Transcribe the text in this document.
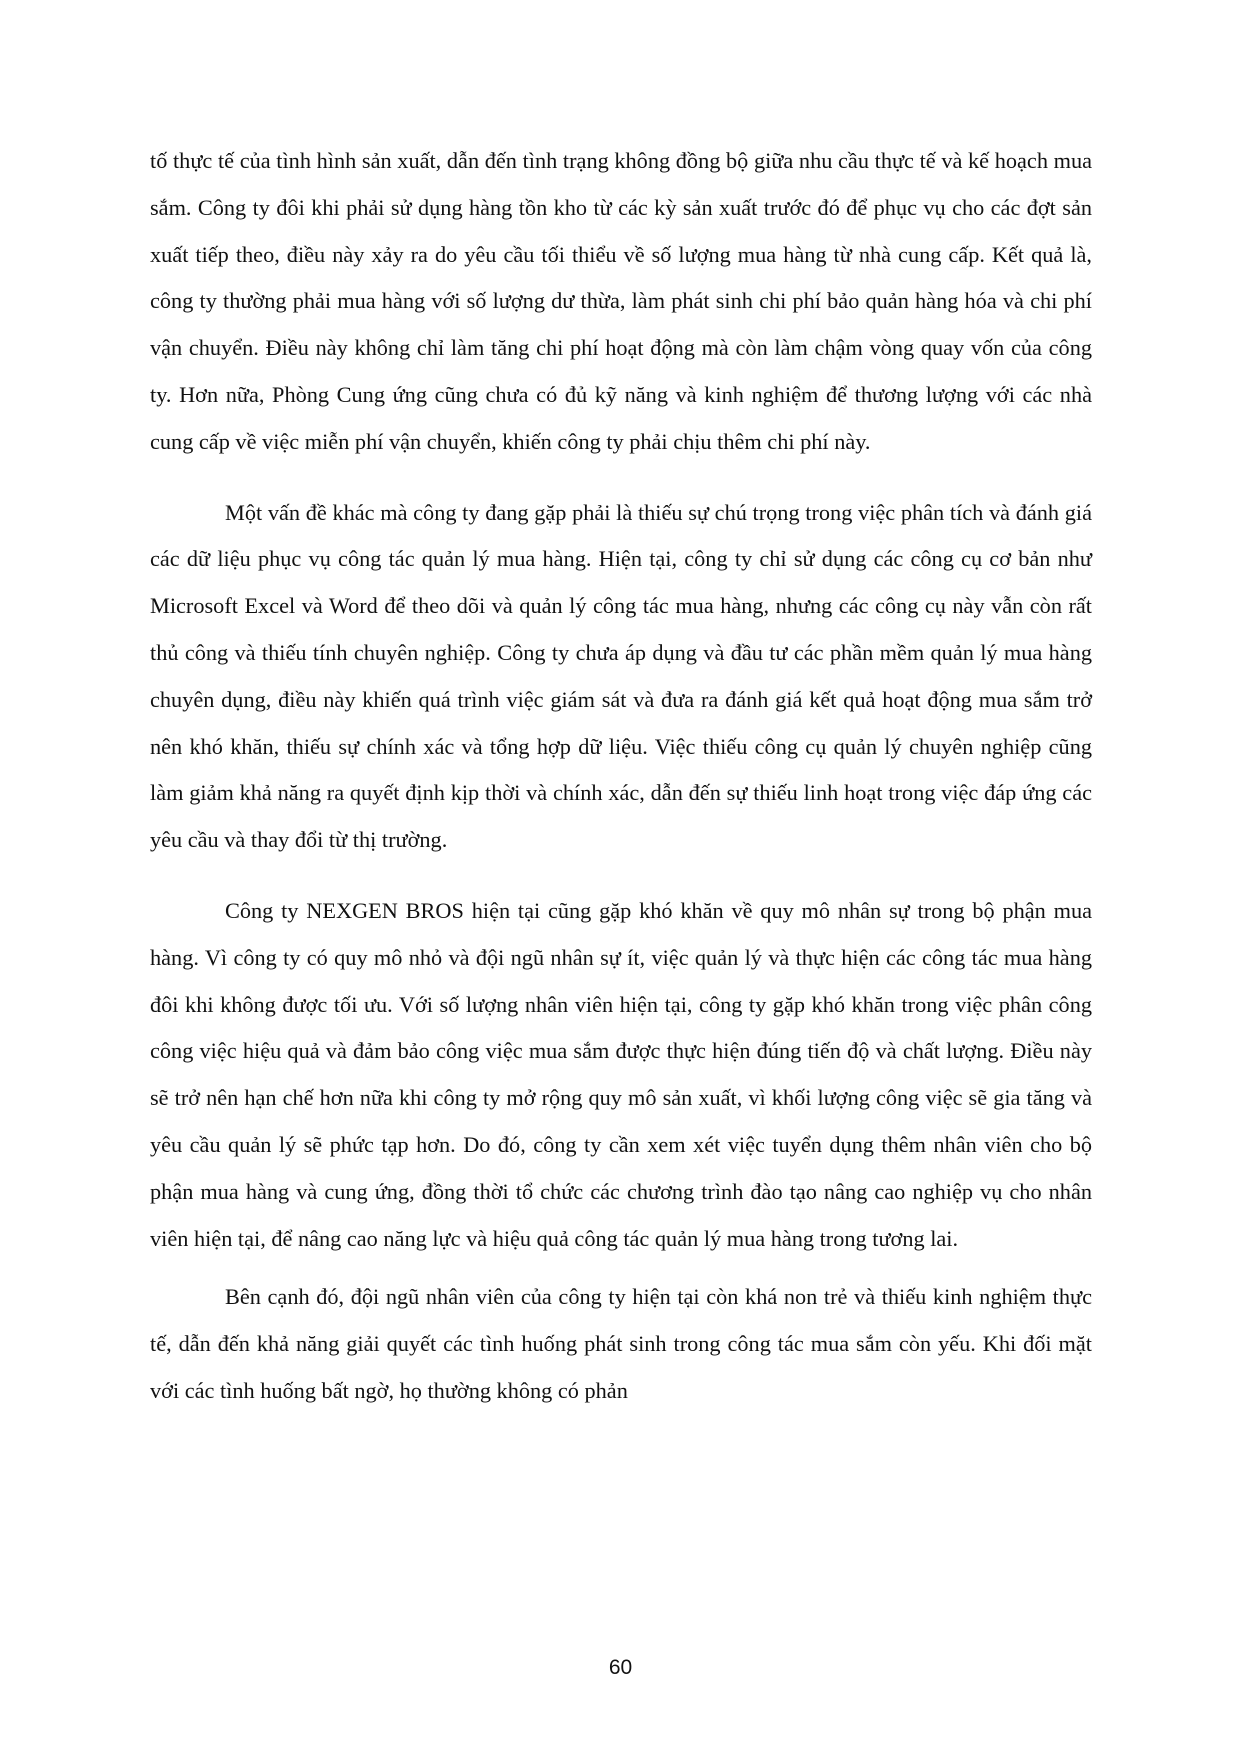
tố thực tế của tình hình sản xuất, dẫn đến tình trạng không đồng bộ giữa nhu cầu thực tế và kế hoạch mua sắm. Công ty đôi khi phải sử dụng hàng tồn kho từ các kỳ sản xuất trước đó để phục vụ cho các đợt sản xuất tiếp theo, điều này xảy ra do yêu cầu tối thiểu về số lượng mua hàng từ nhà cung cấp. Kết quả là, công ty thường phải mua hàng với số lượng dư thừa, làm phát sinh chi phí bảo quản hàng hóa và chi phí vận chuyển. Điều này không chỉ làm tăng chi phí hoạt động mà còn làm chậm vòng quay vốn của công ty. Hơn nữa, Phòng Cung ứng cũng chưa có đủ kỹ năng và kinh nghiệm để thương lượng với các nhà cung cấp về việc miễn phí vận chuyển, khiến công ty phải chịu thêm chi phí này.

Một vấn đề khác mà công ty đang gặp phải là thiếu sự chú trọng trong việc phân tích và đánh giá các dữ liệu phục vụ công tác quản lý mua hàng. Hiện tại, công ty chỉ sử dụng các công cụ cơ bản như Microsoft Excel và Word để theo dõi và quản lý công tác mua hàng, nhưng các công cụ này vẫn còn rất thủ công và thiếu tính chuyên nghiệp. Công ty chưa áp dụng và đầu tư các phần mềm quản lý mua hàng chuyên dụng, điều này khiến quá trình việc giám sát và đưa ra đánh giá kết quả hoạt động mua sắm trở nên khó khăn, thiếu sự chính xác và tổng hợp dữ liệu. Việc thiếu công cụ quản lý chuyên nghiệp cũng làm giảm khả năng ra quyết định kịp thời và chính xác, dẫn đến sự thiếu linh hoạt trong việc đáp ứng các yêu cầu và thay đổi từ thị trường.

Công ty NEXGEN BROS hiện tại cũng gặp khó khăn về quy mô nhân sự trong bộ phận mua hàng. Vì công ty có quy mô nhỏ và đội ngũ nhân sự ít, việc quản lý và thực hiện các công tác mua hàng đôi khi không được tối ưu. Với số lượng nhân viên hiện tại, công ty gặp khó khăn trong việc phân công công việc hiệu quả và đảm bảo công việc mua sắm được thực hiện đúng tiến độ và chất lượng. Điều này sẽ trở nên hạn chế hơn nữa khi công ty mở rộng quy mô sản xuất, vì khối lượng công việc sẽ gia tăng và yêu cầu quản lý sẽ phức tạp hơn. Do đó, công ty cần xem xét việc tuyển dụng thêm nhân viên cho bộ phận mua hàng và cung ứng, đồng thời tổ chức các chương trình đào tạo nâng cao nghiệp vụ cho nhân viên hiện tại, để nâng cao năng lực và hiệu quả công tác quản lý mua hàng trong tương lai.

Bên cạnh đó, đội ngũ nhân viên của công ty hiện tại còn khá non trẻ và thiếu kinh nghiệm thực tế, dẫn đến khả năng giải quyết các tình huống phát sinh trong công tác mua sắm còn yếu. Khi đối mặt với các tình huống bất ngờ, họ thường không có phản

60
